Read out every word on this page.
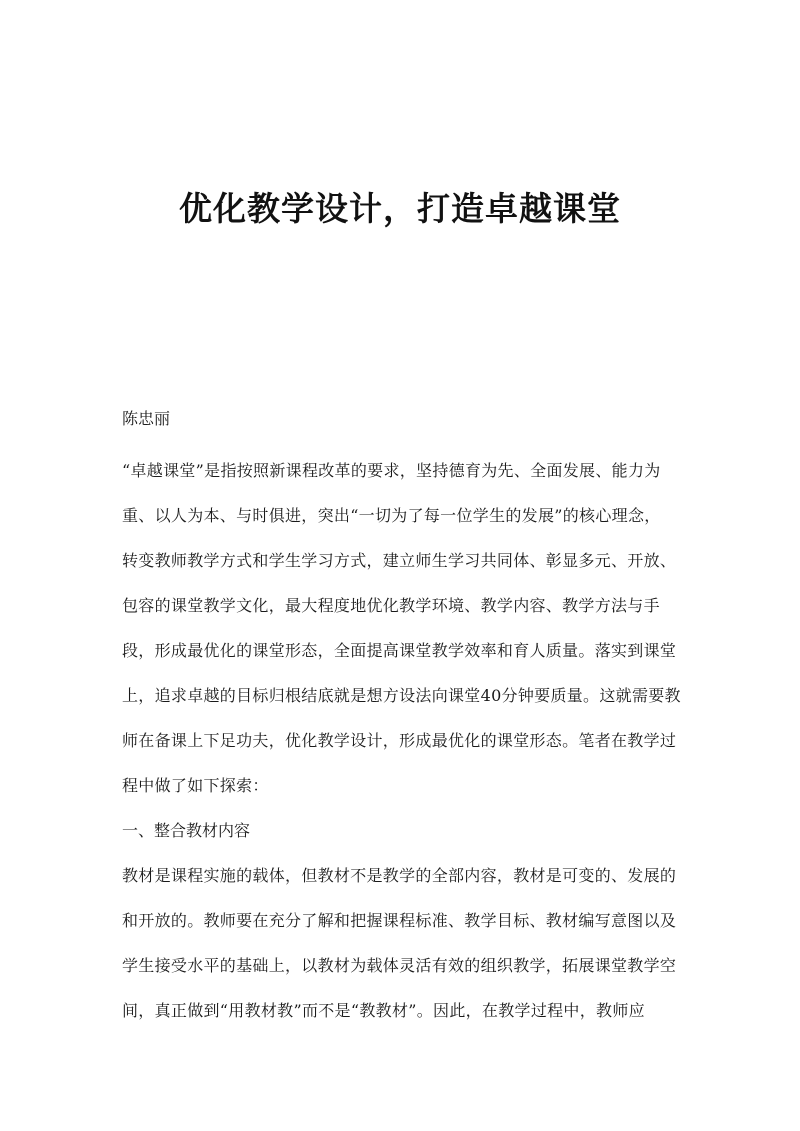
优化教学设计，打造卓越课堂
陈忠丽
“卓越课堂”是指按照新课程改革的要求，坚持德育为先、全面发展、能力为
重、以人为本、与时俱进，突出“一切为了每一位学生的发展”的核心理念，
转变教师教学方式和学生学习方式，建立师生学习共同体、彰显多元、开放、
包容的课堂教学文化，最大程度地优化教学环境、教学内容、教学方法与手
段，形成最优化的课堂形态，全面提高课堂教学效率和育人质量。落实到课堂
上，追求卓越的目标归根结底就是想方设法向课堂40分钟要质量。这就需要教
师在备课上下足功夫，优化教学设计，形成最优化的课堂形态。笔者在教学过
程中做了如下探索：
一、整合教材内容
教材是课程实施的载体，但教材不是教学的全部内容，教材是可变的、发展的
和开放的。教师要在充分了解和把握课程标准、教学目标、教材编写意图以及
学生接受水平的基础上，以教材为载体灵活有效的组织教学，拓展课堂教学空
间，真正做到“用教材教”而不是“教教材”。因此，在教学过程中，教师应
